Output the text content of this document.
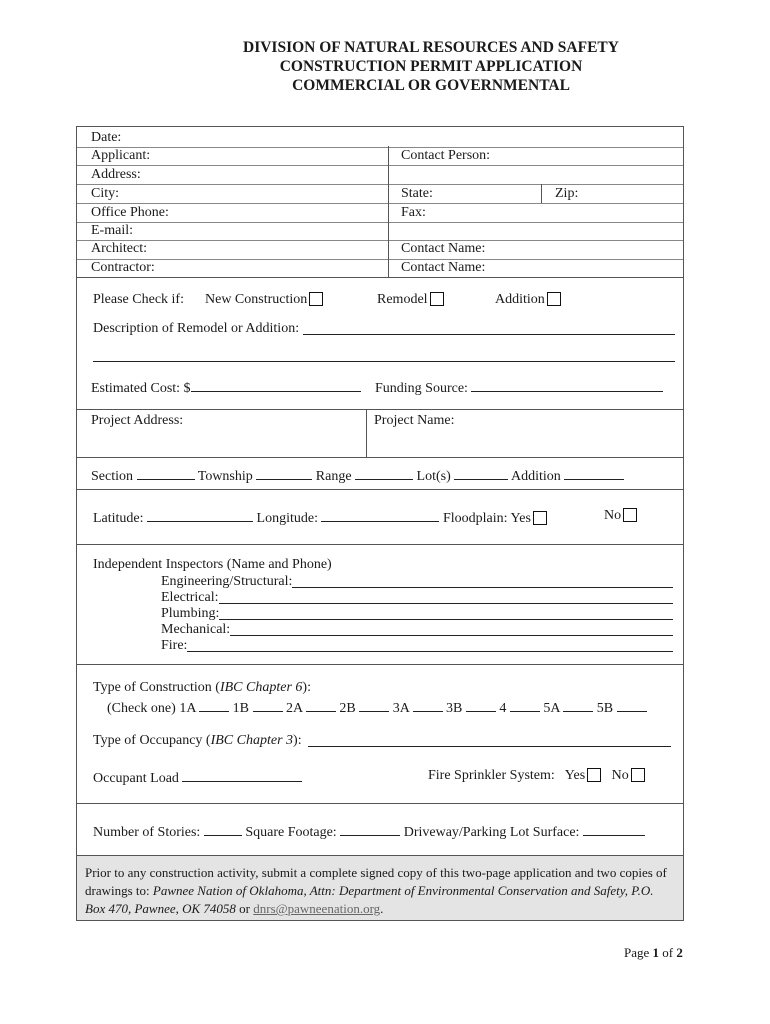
DIVISION OF NATURAL RESOURCES AND SAFETY
CONSTRUCTION PERMIT APPLICATION
COMMERCIAL OR GOVERNMENTAL
Date:
Applicant:	Contact Person:
Address:
City:	State:	Zip:
Office Phone:	Fax:
E-mail:
Architect:	Contact Name:
Contractor:	Contact Name:
Please Check if: New Construction	Remodel	Addition
Description of Remodel or Addition:
Estimated Cost: $	Funding Source:
Project Address:	Project Name:
Section	Township	Range	Lot(s)	Addition
Latitude:	Longitude:	Floodplain: Yes	No
Independent Inspectors (Name and Phone)
Engineering/Structural:
Electrical:
Plumbing:
Mechanical:
Fire:
Type of Construction (IBC Chapter 6):
(Check one) 1A	1B	2A	2B	3A	3B	4	5A	5B
Type of Occupancy (IBC Chapter 3):
Occupant Load	Fire Sprinkler System: Yes No
Number of Stories:	Square Footage:	Driveway/Parking Lot Surface:
Prior to any construction activity, submit a complete signed copy of this two-page application and two copies of drawings to: Pawnee Nation of Oklahoma, Attn: Department of Environmental Conservation and Safety, P.O. Box 470, Pawnee, OK 74058 or dnrs@pawneenation.org.
Page 1 of 2
